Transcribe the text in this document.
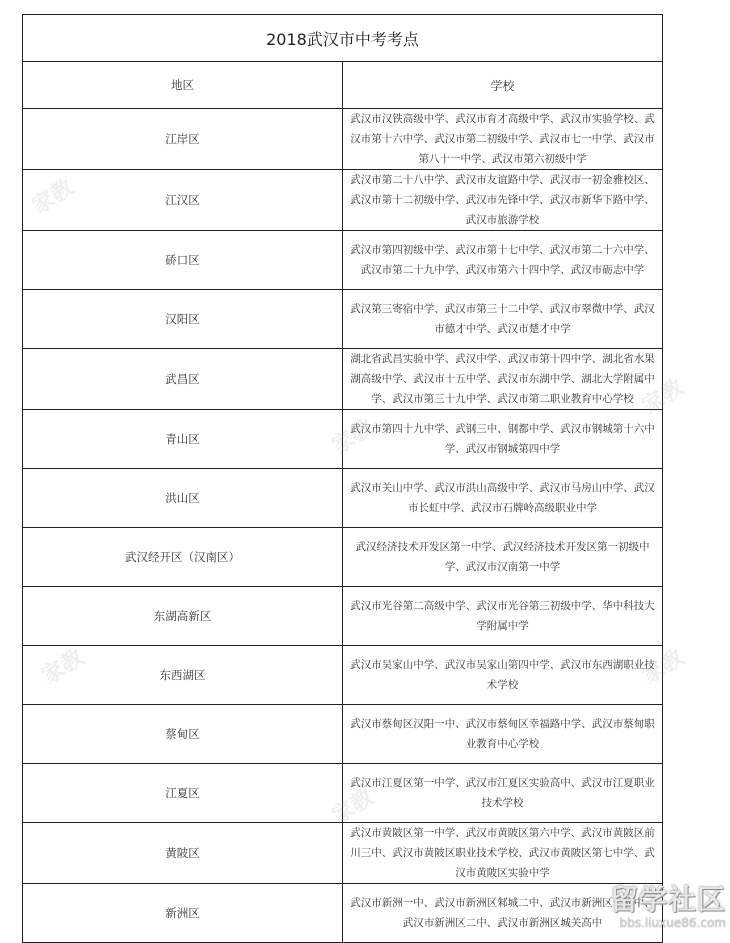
2018武汉市中考考点	
地区	学校
江岸区	武汉市汉铁高级中学、武汉市育才高级中学、武汉市实验学校、武汉市第十六中学、武汉市第二初级中学、武汉市七一中学、武汉市第八十一中学、武汉市第六初级中学
江汉区	武汉市第二十八中学、武汉市友谊路中学、武汉市一初金雅校区、武汉市第十二初级中学、武汉市先锋中学、武汉市新华下路中学、武汉市旅游学校
硚口区	武汉市第四初级中学、武汉市第十七中学、武汉市第二十六中学、武汉市第二十九中学、武汉市第六十四中学、武汉市砺志中学
汉阳区	武汉第三寄宿中学、武汉市第三十二中学、武汉市翠微中学、武汉市德才中学、武汉市楚才中学
武昌区	湖北省武昌实验中学、武汉中学、武汉市第十四中学、湖北省水果湖高级中学、武汉市十五中学、武汉市东湖中学、湖北大学附属中学、武汉市第三十九中学、武汉市第二职业教育中心学校
青山区	武汉市第四十九中学、武钢三中、钢都中学、武汉市钢城第十六中学、武汉市钢城第四中学
洪山区	武汉市关山中学、武汉市洪山高级中学、武汉市马房山中学、武汉市长虹中学、武汉市石牌岭高级职业中学
武汉经开区（汉南区）	武汉经济技术开发区第一中学、武汉经济技术开发区第一初级中学、武汉市汉南第一中学
东湖高新区	武汉市光谷第二高级中学、武汉市光谷第三初级中学、华中科技大学附属中学
东西湖区	武汉市吴家山中学、武汉市吴家山第四中学、武汉市东西湖职业技术学校
蔡甸区	武汉市蔡甸区汉阳一中、武汉市蔡甸区幸福路中学、武汉市蔡甸职业教育中心学校
江夏区	武汉市江夏区第一中学、武汉市江夏区实验高中、武汉市江夏职业技术学校
黄陂区	武汉市黄陂区第一中学、武汉市黄陂区第六中学、武汉市黄陂区前川三中、武汉市黄陂区职业技术学校、武汉市黄陂区第七中学、武汉市黄陂区实验中学
新洲区	武汉市新洲一中、武汉市新洲区邾城二中、武汉市新洲区一初中、武汉市新洲区二中、武汉市新洲区城关高中
家教
家教
家教	家教
家教
家教
留学社区
bbs.liuxue86.com
